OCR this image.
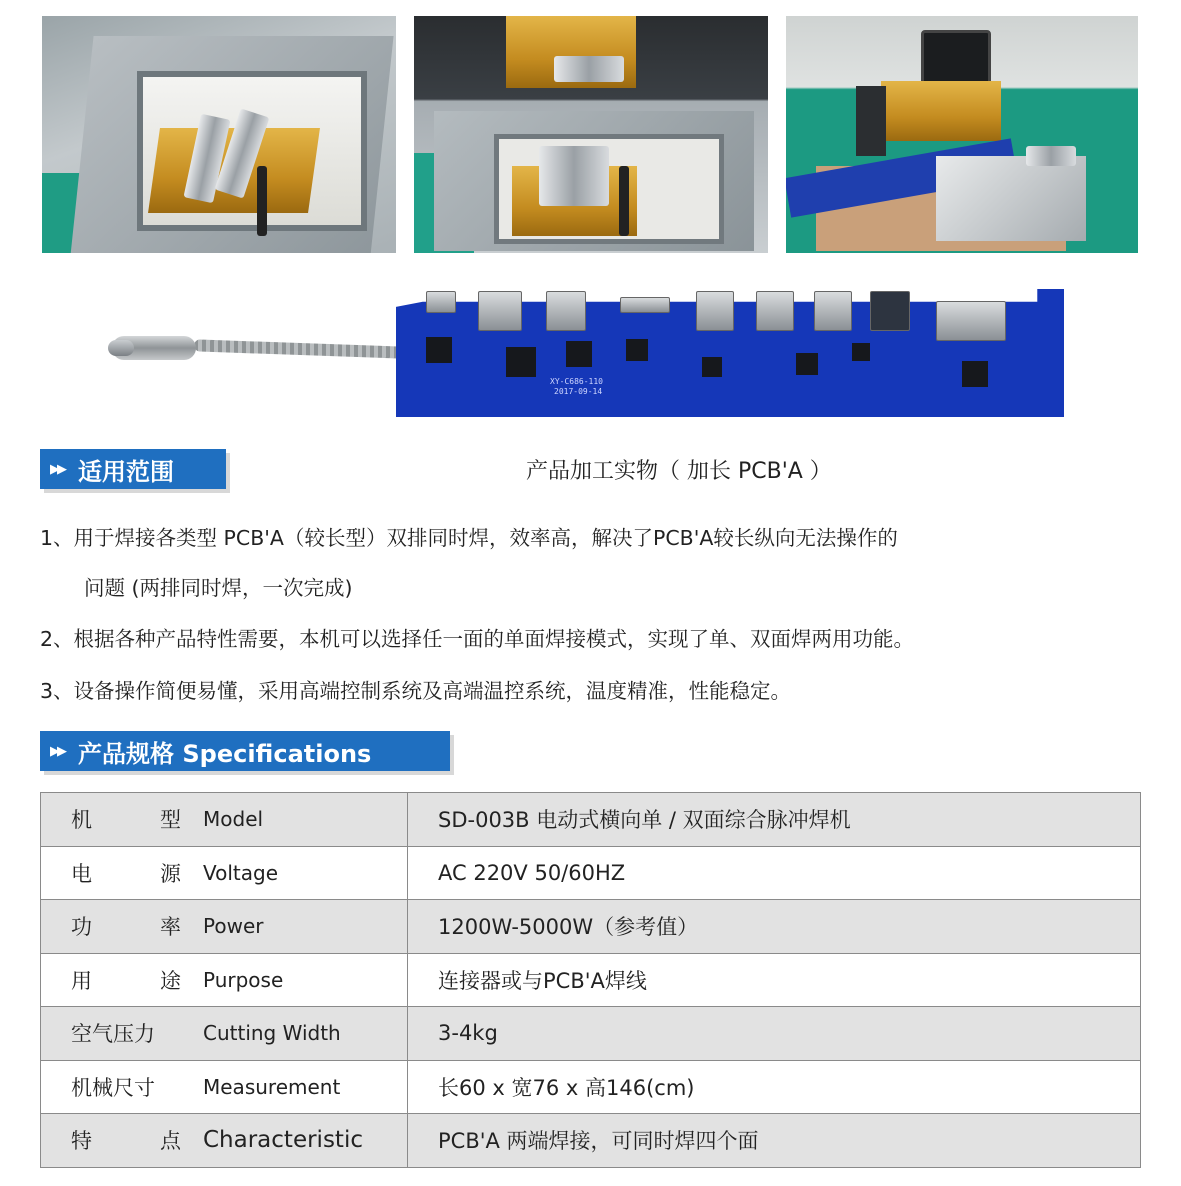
XY-C686-110
2017-09-14
▶▶ 适用范围	产品加工实物（ 加长 PCB'A ）
1、用于焊接各类型 PCB'A（较长型）双排同时焊，效率高，解决了PCB'A较长纵向无法操作的
问题 (两排同时焊，一次完成)
2、根据各种产品特性需要，本机可以选择任一面的单面焊接模式，实现了单、双面焊两用功能。
3、设备操作简便易懂，采用高端控制系统及高端温控系统，温度精准，性能稳定。
▶▶ 产品规格 Specifications
机 型 Model	SD-003B 电动式横向单 / 双面综合脉冲焊机

电 源 Voltage	AC 220V 50/60HZ

功 率 Power	1200W-5000W（参考值）

用 途 Purpose	连接器或与PCB'A焊线

空气压力 Cutting Width	3-4kg

机械尺寸 Measurement	长60 x 宽76 x 高146(cm)

特 点 Characteristic	PCB'A 两端焊接，可同时焊四个面
